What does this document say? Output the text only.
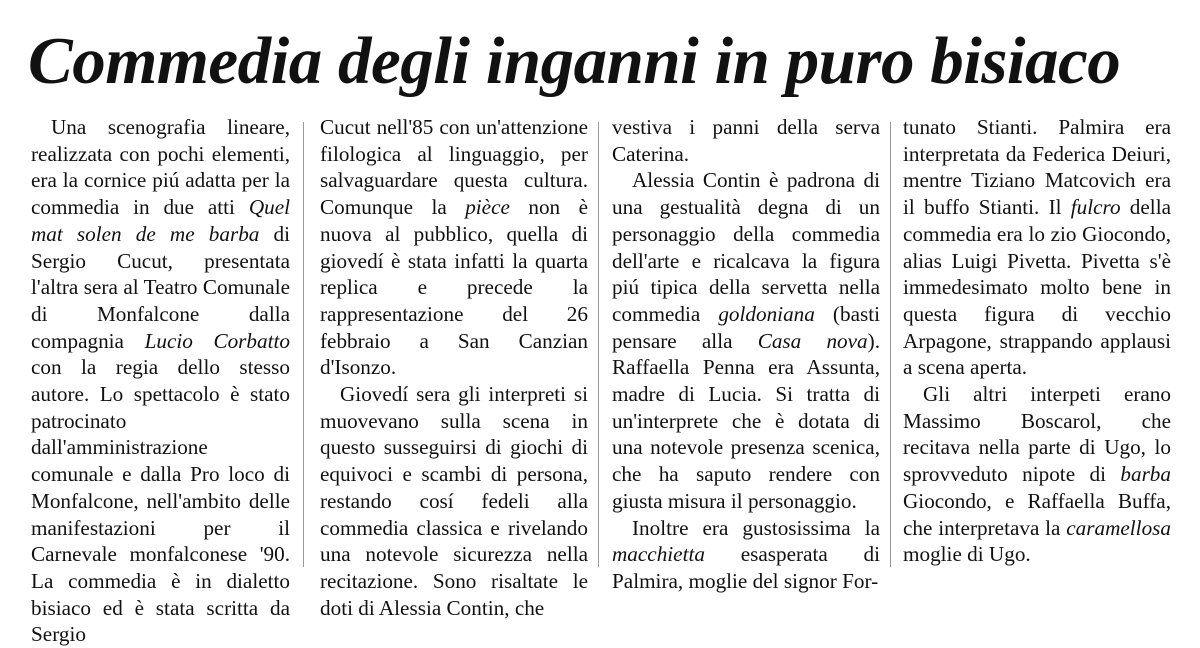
Commedia degli inganni in puro bisiaco

Una scenografia lineare, realizzata con pochi elementi, era la cornice piú adatta per la commedia in due atti Quel mat solen de me barba di Sergio Cucut, presentata l'altra sera al Teatro Comunale di Monfalcone dalla compagnia Lucio Corbatto con la regia dello stesso autore. Lo spettacolo è stato patrocinato dall'amministrazione comunale e dalla Pro loco di Monfalcone, nell'ambito delle manifestazioni per il Carnevale monfalconese '90. La commedia è in dialetto bisiaco ed è stata scritta da Sergio

Cucut nell'85 con un'attenzione filologica al linguaggio, per salvaguardare questa cultura. Comunque la pièce non è nuova al pubblico, quella di giovedí è stata infatti la quarta replica e precede la rappresentazione del 26 febbraio a San Canzian d'Isonzo.

Giovedí sera gli interpreti si muovevano sulla scena in questo susseguirsi di giochi di equivoci e scambi di persona, restando cosí fedeli alla commedia classica e rivelando una notevole sicurezza nella recitazione. Sono risaltate le doti di Alessia Contin, che

vestiva i panni della serva Caterina.

Alessia Contin è padrona di una gestualità degna di un personaggio della commedia dell'arte e ricalcava la figura piú tipica della servetta nella commedia goldoniana (basti pensare alla Casa nova). Raffaella Penna era Assunta, madre di Lucia. Si tratta di un'interprete che è dotata di una notevole presenza scenica, che ha saputo rendere con giusta misura il personaggio.

Inoltre era gustosissima la macchietta esasperata di Palmira, moglie del signor For-

tunato Stianti. Palmira era interpretata da Federica Deiuri, mentre Tiziano Matcovich era il buffo Stianti. Il fulcro della commedia era lo zio Giocondo, alias Luigi Pivetta. Pivetta s'è immedesimato molto bene in questa figura di vecchio Arpagone, strappando applausi a scena aperta.

Gli altri interpeti erano Massimo Boscarol, che recitava nella parte di Ugo, lo sprovveduto nipote di barba Giocondo, e Raffaella Buffa, che interpretava la caramellosa moglie di Ugo.
